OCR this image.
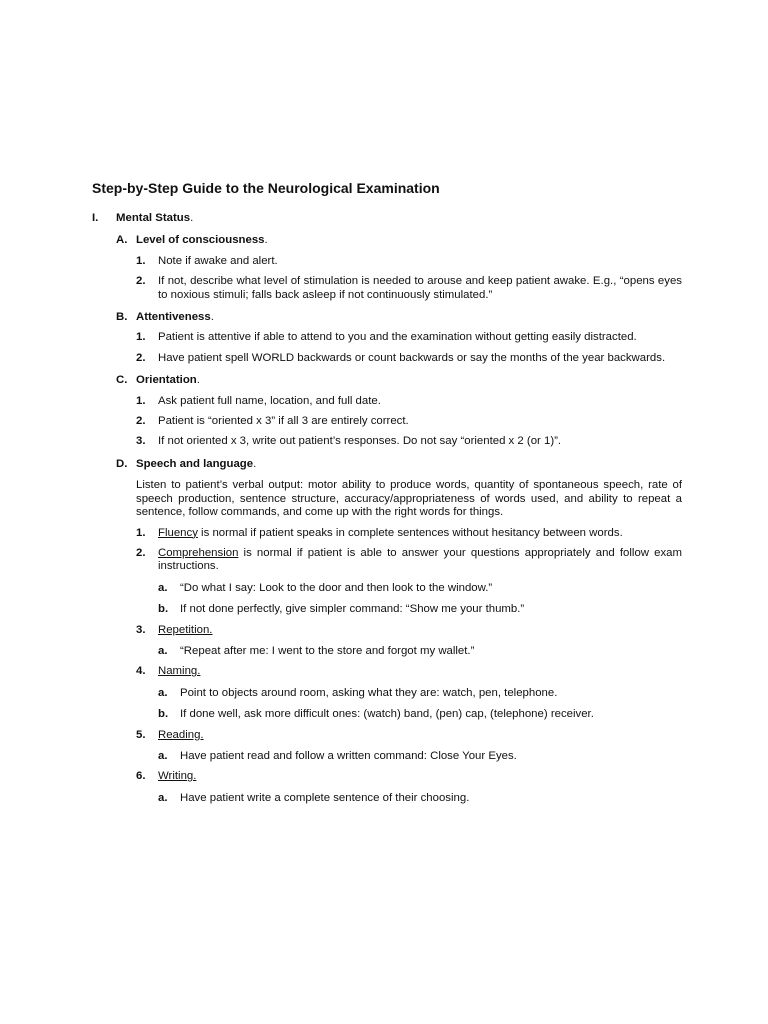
Step-by-Step Guide to the Neurological Examination
I.	Mental Status.
A. Level of consciousness.
1.	Note if awake and alert.
2.	If not, describe what level of stimulation is needed to arouse and keep patient awake. E.g., “opens eyes to noxious stimuli; falls back asleep if not continuously stimulated.”
B. Attentiveness.
1.	Patient is attentive if able to attend to you and the examination without getting easily distracted.
2.	Have patient spell WORLD backwards or count backwards or say the months of the year backwards.
C. Orientation.
1.	Ask patient full name, location, and full date.
2.	Patient is “oriented x 3” if all 3 are entirely correct.
3.	If not oriented x 3, write out patient’s responses. Do not say “oriented x 2 (or 1)”.
D. Speech and language.
Listen to patient’s verbal output: motor ability to produce words, quantity of spontaneous speech, rate of speech production, sentence structure, accuracy/appropriateness of words used, and ability to repeat a sentence, follow commands, and come up with the right words for things.
1.	Fluency is normal if patient speaks in complete sentences without hesitancy between words.
2.	Comprehension is normal if patient is able to answer your questions appropriately and follow exam instructions.
a.	“Do what I say: Look to the door and then look to the window.”
b.	If not done perfectly, give simpler command: “Show me your thumb.”
3.	Repetition.
a.	“Repeat after me: I went to the store and forgot my wallet.”
4.	Naming.
a.	Point to objects around room, asking what they are: watch, pen, telephone.
b.	If done well, ask more difficult ones: (watch) band, (pen) cap, (telephone) receiver.
5.	Reading.
a.	Have patient read and follow a written command: Close Your Eyes.
6.	Writing.
a.	Have patient write a complete sentence of their choosing.
